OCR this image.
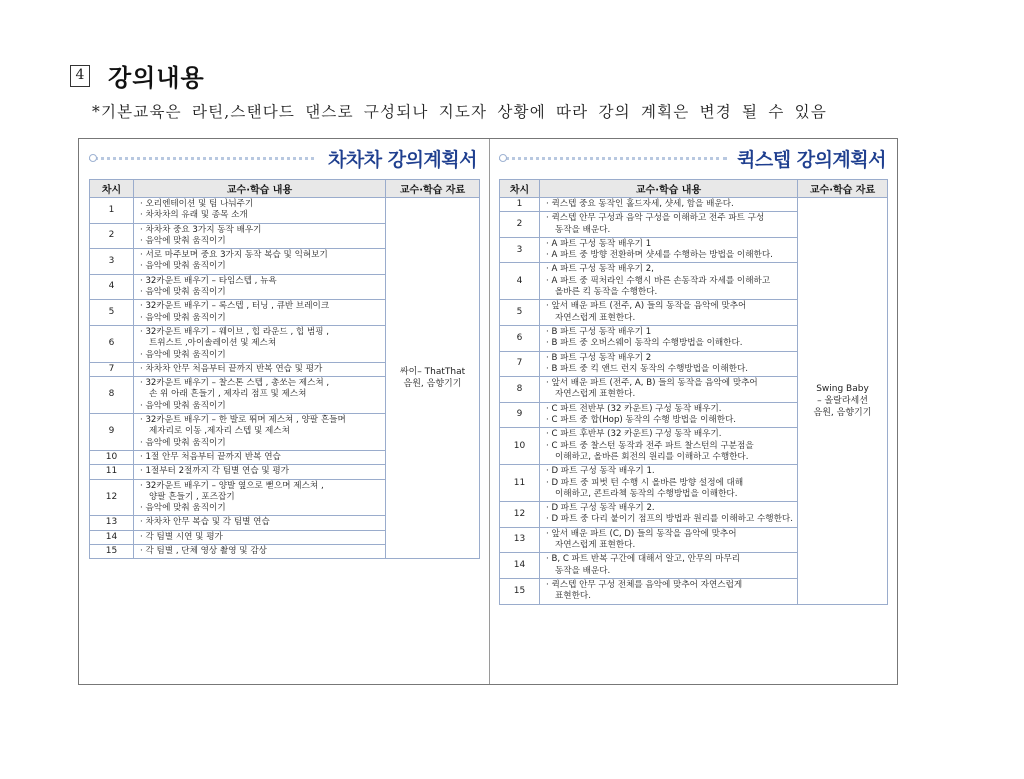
4 강의내용
*기본교육은 라틴,스탠다드 댄스로 구성되나 지도자 상황에 따라 강의 계획은 변경 될 수 있음
차차차 강의계획서
차시	교수·학습 내용	교수·학습 자료
1	· 오리엔테이션 및 팀 나눠주기
· 차차차의 유래 및 종목 소개	싸이– ThatThat
음원, 음향기기

2	· 차차차 중요 3가지 동작 배우기
· 음악에 맞춰 움직이기	

3	· 서로 마주보며 중요 3가지 동작 복습 및 익혀보기
· 음악에 맞춰 움직이기	

4	· 32카운트 배우기 – 타임스텝 , 뉴욕
· 음악에 맞춰 움직이기	

5	· 32카운트 배우기 – 록스텝 , 터닝 , 큐반 브레이크
· 음악에 맞춰 움직이기	

6	· 32카운트 배우기 – 웨이브 , 힙 라운드 , 힙 범핑 ,
트위스트 ,아이솔레이션 및 제스쳐
· 음악에 맞춰 움직이기	

7	· 차차차 안무 처음부터 끝까지 반복 연습 및 평가	

8	· 32카운트 배우기 – 찰스톤 스텝 , 총쏘는 제스쳐 ,
손 위 아래 흔들기 , 제자리 점프 및 제스쳐
· 음악에 맞춰 움직이기	

9	· 32카운트 배우기 – 한 발로 뛰며 제스쳐 , 양팔 흔들며
제자리로 이동 ,제자리 스텝 및 제스쳐
· 음악에 맞춰 움직이기	

10	· 1절 안무 처음부터 끝까지 반복 연습	

11	· 1절부터 2절까지 각 팀별 연습 및 평가	

12	· 32카운트 배우기 – 양발 옆으로 뻗으며 제스쳐 ,
양팔 흔들기 , 포즈잡기
· 음악에 맞춰 움직이기	

13	· 차차차 안무 복습 및 각 팀별 연습	

14	· 각 팀별 시연 및 평가	

15	· 각 팀별 , 단체 영상 촬영 및 감상	
퀵스텝 강의계획서
차시	교수·학습 내용	교수·학습 자료
1	· 퀵스텝 중요 동작인 홀드자세, 샷세, 함을 배운다.	Swing Baby
– 올랄라세션
음원, 음향기기

2	· 퀵스텝 안무 구성과 음악 구성을 이해하고 전주 파트 구성
동작을 배운다.	

3	· A 파트 구성 동작 배우기 1
· A 파트 중 방향 전환하며 샷세를 수행하는 방법을 이해한다.	

4	· A 파트 구성 동작 배우기 2,
· A 파트 중 픽처라인 수행시 바른 손동작과 자세를 이해하고
올바른 킥 동작을 수행한다.	

5	· 앞서 배운 파트 (전주, A) 들의 동작을 음악에 맞추어
자연스럽게 표현한다.	

6	· B 파트 구성 동작 배우기 1
· B 파트 중 오버스웨이 동작의 수행방법을 이해한다.	

7	· B 파트 구성 동작 배우기 2
· B 파트 중 킥 앤드 런지 동작의 수행방법을 이해한다.	

8	· 앞서 배운 파트 (전주, A, B) 들의 동작을 음악에 맞추어
자연스럽게 표현한다.	

9	· C 파트 전반부 (32 카운트) 구성 동작 배우기.
· C 파트 중 합(Hop) 동작의 수행 방법을 이해한다.	

10	· C 파트 후반부 (32 카운트) 구성 동작 배우기.
· C 파트 중 찰스턴 동작과 전주 파트 찰스턴의 구분점을
이해하고, 올바른 회전의 원리를 이해하고 수행한다.	

11	· D 파트 구성 동작 배우기 1.
· D 파트 중 피벗 턴 수행 시 올바른 방향 설정에 대해
이해하고, 콘트라첵 동작의 수행방법을 이해한다.	

12	· D 파트 구성 동작 배우기 2.
· D 파트 중 다리 붙이기 점프의 방법과 원리를 이해하고 수행한다.	

13	· 앞서 배운 파트 (C, D) 들의 동작을 음악에 맞추어
자연스럽게 표현한다.	

14	· B, C 파트 반복 구간에 대해서 알고, 안무의 마무리
동작을 배운다.	

15	· 퀵스텝 안무 구성 전체를 음악에 맞추어 자연스럽게
표현한다.	
